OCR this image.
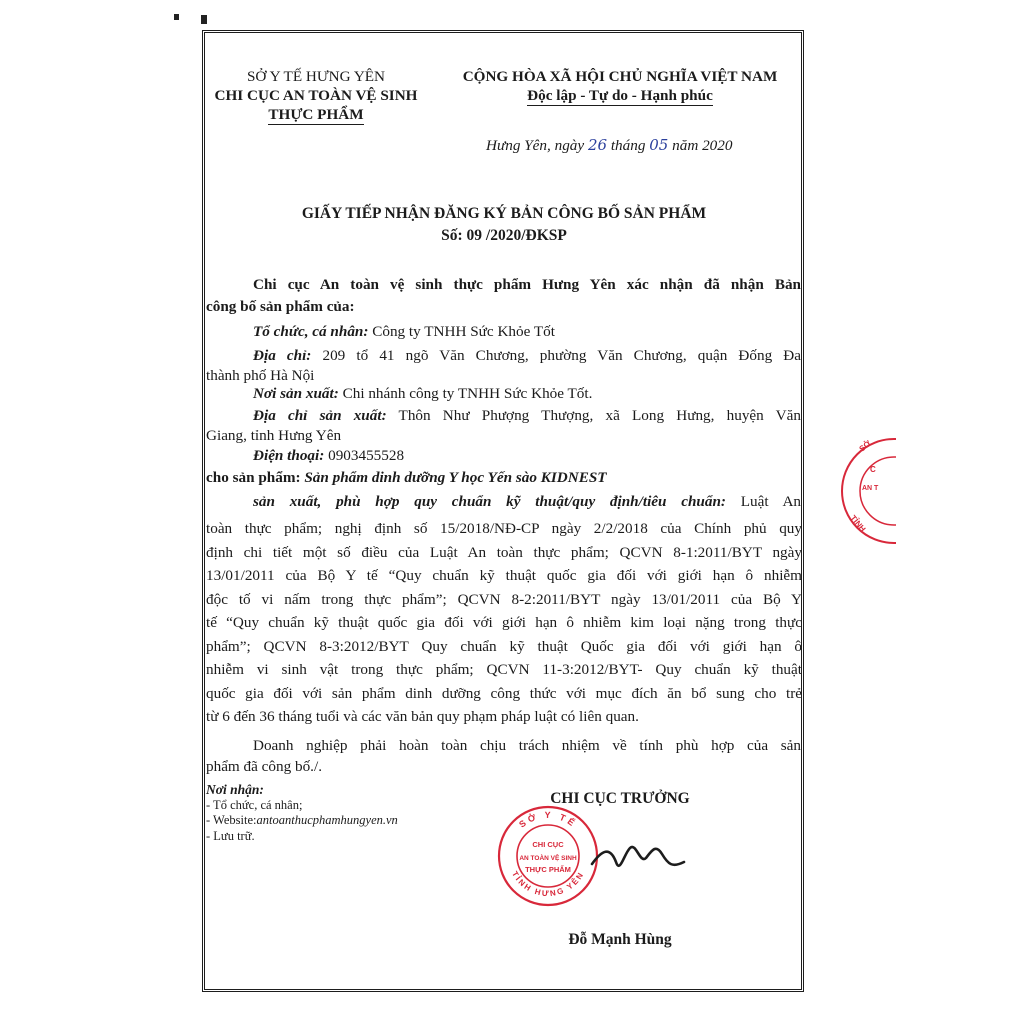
SỞ Y TẾ HƯNG YÊN
CHI CỤC AN TOÀN VỆ SINH
THỰC PHẨM
CỘNG HÒA XÃ HỘI CHỦ NGHĨA VIỆT NAM
Độc lập - Tự do - Hạnh phúc
Hưng Yên, ngày 26 tháng 05 năm 2020
GIẤY TIẾP NHẬN ĐĂNG KÝ BẢN CÔNG BỐ SẢN PHẨM
Số: 09 /2020/ĐKSP
Chi cục An toàn vệ sinh thực phẩm Hưng Yên xác nhận đã nhận Bản
công bố sản phẩm của:
Tổ chức, cá nhân: Công ty TNHH Sức Khỏe Tốt
Địa chỉ: 209 tổ 41 ngõ Văn Chương, phường Văn Chương, quận Đống Đa
thành phố Hà Nội
Nơi sản xuất: Chi nhánh công ty TNHH Sức Khỏe Tốt.
Địa chỉ sản xuất: Thôn Như Phượng Thượng, xã Long Hưng, huyện Văn
Giang, tỉnh Hưng Yên
Điện thoại: 0903455528
cho sản phẩm: Sản phẩm dinh dưỡng Y học Yến sào KIDNEST
sản xuất, phù hợp quy chuẩn kỹ thuật/quy định/tiêu chuẩn: Luật An
toàn thực phẩm; nghị định số 15/2018/NĐ-CP ngày 2/2/2018 của Chính phủ quy
định chi tiết một số điều của Luật An toàn thực phẩm; QCVN 8-1:2011/BYT ngày
13/01/2011 của Bộ Y tế “Quy chuẩn kỹ thuật quốc gia đối với giới hạn ô nhiễm
độc tố vi nấm trong thực phẩm”; QCVN 8-2:2011/BYT ngày 13/01/2011 của Bộ Y
tế “Quy chuẩn kỹ thuật quốc gia đối với giới hạn ô nhiễm kim loại nặng trong thực
phẩm”; QCVN 8-3:2012/BYT Quy chuẩn kỹ thuật Quốc gia đối với giới hạn ô
nhiễm vi sinh vật trong thực phẩm; QCVN 11-3:2012/BYT- Quy chuẩn kỹ thuật
quốc gia đối với sản phẩm dinh dưỡng công thức với mục đích ăn bổ sung cho trẻ
từ 6 đến 36 tháng tuổi và các văn bản quy phạm pháp luật có liên quan.
Doanh nghiệp phải hoàn toàn chịu trách nhiệm về tính phù hợp của sản
phẩm đã công bố./.
Nơi nhận:
- Tổ chức, cá nhân;
- Website:antoanthucphamhungyen.vn
- Lưu trữ.
CHI CỤC TRƯỞNG
SỞ Y TẾ
TỈNH HƯNG YÊN
CHI CỤC
AN TOÀN VỆ SINH
THỰC PHẨM
Đỗ Mạnh Hùng
SỞ
C
AN T
TỈNH
